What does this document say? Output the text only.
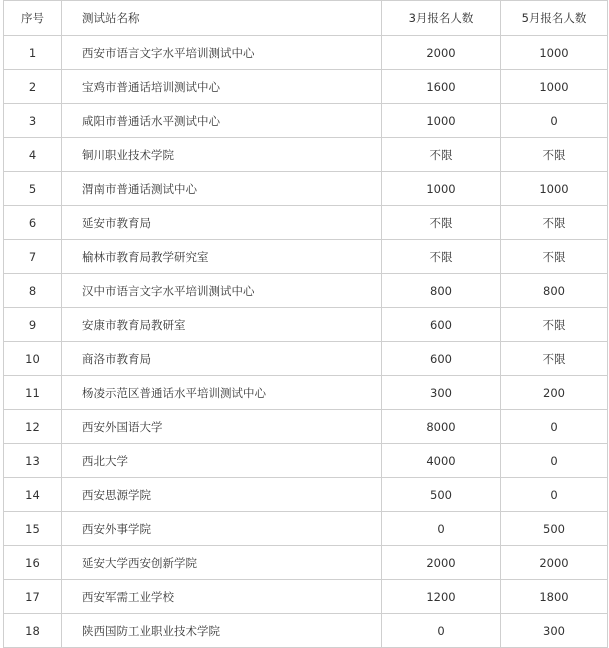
序号	测试站名称	3月报名人数	5月报名人数
1	西安市语言文字水平培训测试中心	2000	1000
2	宝鸡市普通话培训测试中心	1600	1000
3	咸阳市普通话水平测试中心	1000	0
4	铜川职业技术学院	不限	不限
5	渭南市普通话测试中心	1000	1000
6	延安市教育局	不限	不限
7	榆林市教育局教学研究室	不限	不限
8	汉中市语言文字水平培训测试中心	800	800
9	安康市教育局教研室	600	不限
10	商洛市教育局	600	不限
11	杨凌示范区普通话水平培训测试中心	300	200
12	西安外国语大学	8000	0
13	西北大学	4000	0
14	西安思源学院	500	0
15	西安外事学院	0	500
16	延安大学西安创新学院	2000	2000
17	西安军需工业学校	1200	1800
18	陕西国防工业职业技术学院	0	300
